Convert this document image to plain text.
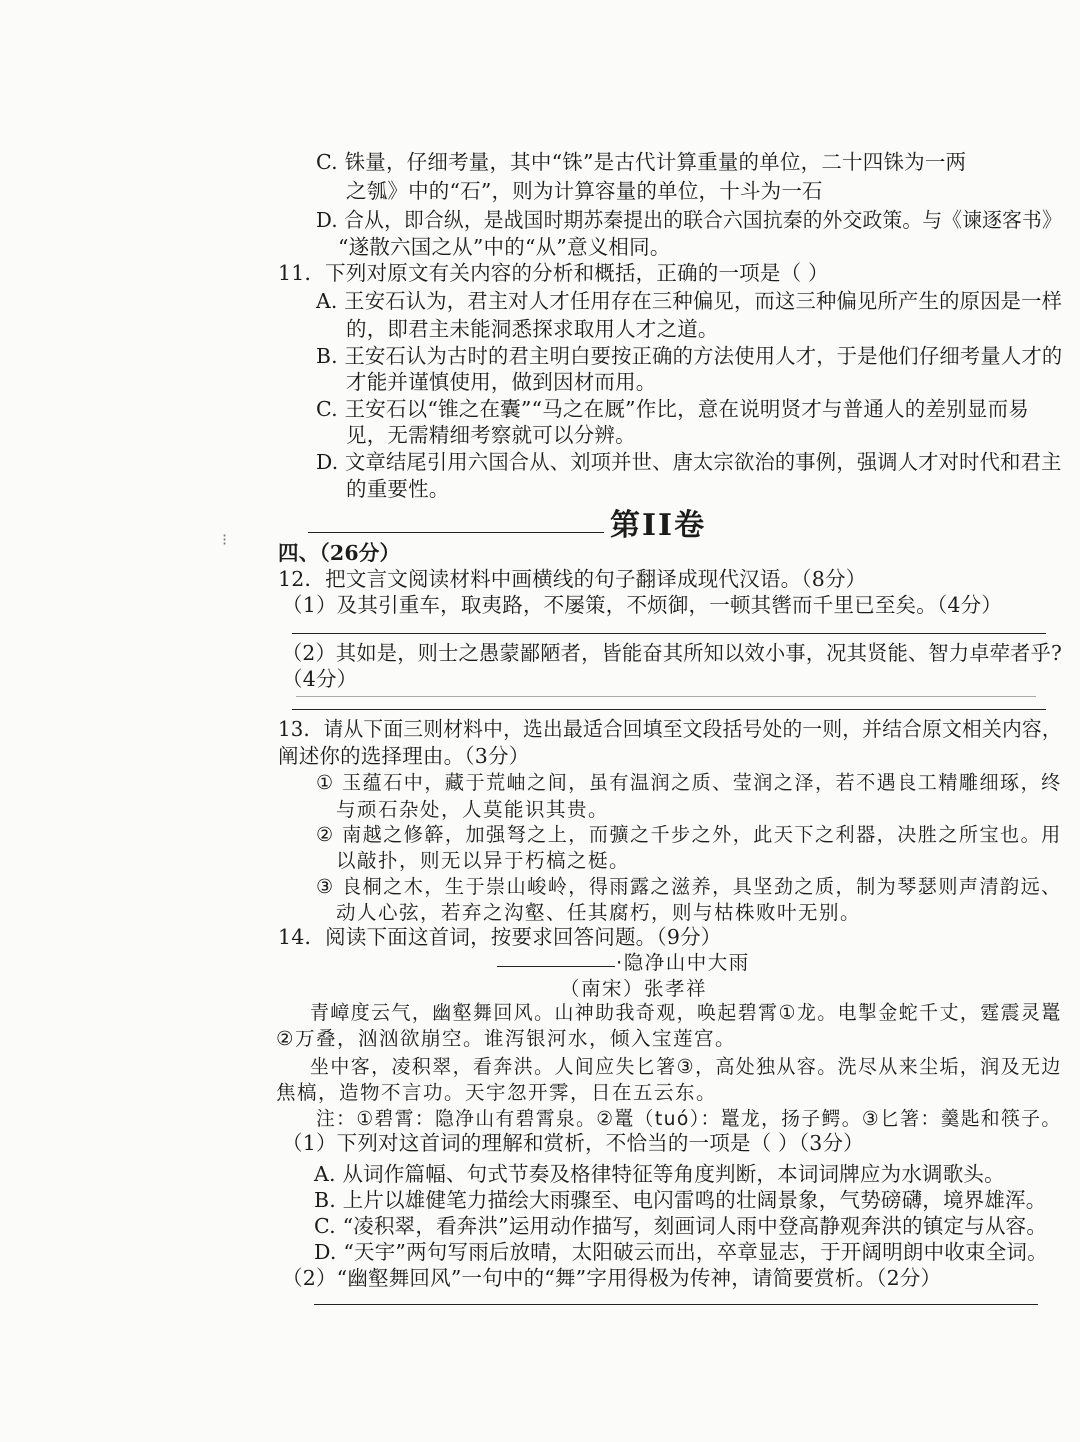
C. 铢量，仔细考量，其中“铢”是古代计算重量的单位，二十四铢为一两
之瓠》中的“石”，则为计算容量的单位，十斗为一石
D. 合从，即合纵，是战国时期苏秦提出的联合六国抗秦的外交政策。与《谏逐客书》
“遂散六国之从”中的“从”意义相同。
11．下列对原文有关内容的分析和概括，正确的一项是（ ）
A. 王安石认为，君主对人才任用存在三种偏见，而这三种偏见所产生的原因是一样
的，即君主未能洞悉探求取用人才之道。
B. 王安石认为古时的君主明白要按正确的方法使用人才，于是他们仔细考量人才的
才能并谨慎使用，做到因材而用。
C. 王安石以“锥之在囊”“马之在厩”作比，意在说明贤才与普通人的差别显而易
见，无需精细考察就可以分辨。
D. 文章结尾引用六国合从、刘项并世、唐太宗欲治的事例，强调人才对时代和君主
的重要性。
第II卷
⁝
四、（26分）
12．把文言文阅读材料中画横线的句子翻译成现代汉语。（8分）
（1）及其引重车，取夷路，不屡策，不烦御，一顿其辔而千里已至矣。（4分）
（2）其如是，则士之愚蒙鄙陋者，皆能奋其所知以效小事，况其贤能、智力卓荦者乎?
（4分）
13．请从下面三则材料中，选出最适合回填至文段括号处的一则，并结合原文相关内容，
阐述你的选择理由。（3分）
① 玉蕴石中，藏于荒岫之间，虽有温润之质、莹润之泽，若不遇良工精雕细琢，终
与顽石杂处，人莫能识其贵。
② 南越之修簳，加强弩之上，而彍之千步之外，此天下之利器，决胜之所宝也。用
以敲扑，则无以异于朽槁之梃。
③ 良桐之木，生于崇山峻岭，得雨露之滋养，具坚劲之质，制为琴瑟则声清韵远、
动人心弦，若弃之沟壑、任其腐朽，则与枯株败叶无别。
14．阅读下面这首词，按要求回答问题。（9分）
·隐净山中大雨
（南宋）张孝祥
青嶂度云气，幽壑舞回风。山神助我奇观，唤起碧霄①龙。电掣金蛇千丈，霆震灵鼍
②万叠，汹汹欲崩空。谁泻银河水，倾入宝莲宫。
坐中客，凌积翠，看奔洪。人间应失匕箸③，高处独从容。洗尽从来尘垢，润及无边
焦槁，造物不言功。天宇忽开霁，日在五云东。
注：①碧霄：隐净山有碧霄泉。②鼍（tuó）：鼍龙，扬子鳄。③匕箸：羹匙和筷子。
（1）下列对这首词的理解和赏析，不恰当的一项是（ ）（3分）
A. 从词作篇幅、句式节奏及格律特征等角度判断，本词词牌应为水调歌头。
B. 上片以雄健笔力描绘大雨骤至、电闪雷鸣的壮阔景象，气势磅礴，境界雄浑。
C. “凌积翠，看奔洪”运用动作描写，刻画词人雨中登高静观奔洪的镇定与从容。
D. “天宇”两句写雨后放晴，太阳破云而出，卒章显志，于开阔明朗中收束全词。
（2）“幽壑舞回风”一句中的“舞”字用得极为传神，请简要赏析。（2分）
